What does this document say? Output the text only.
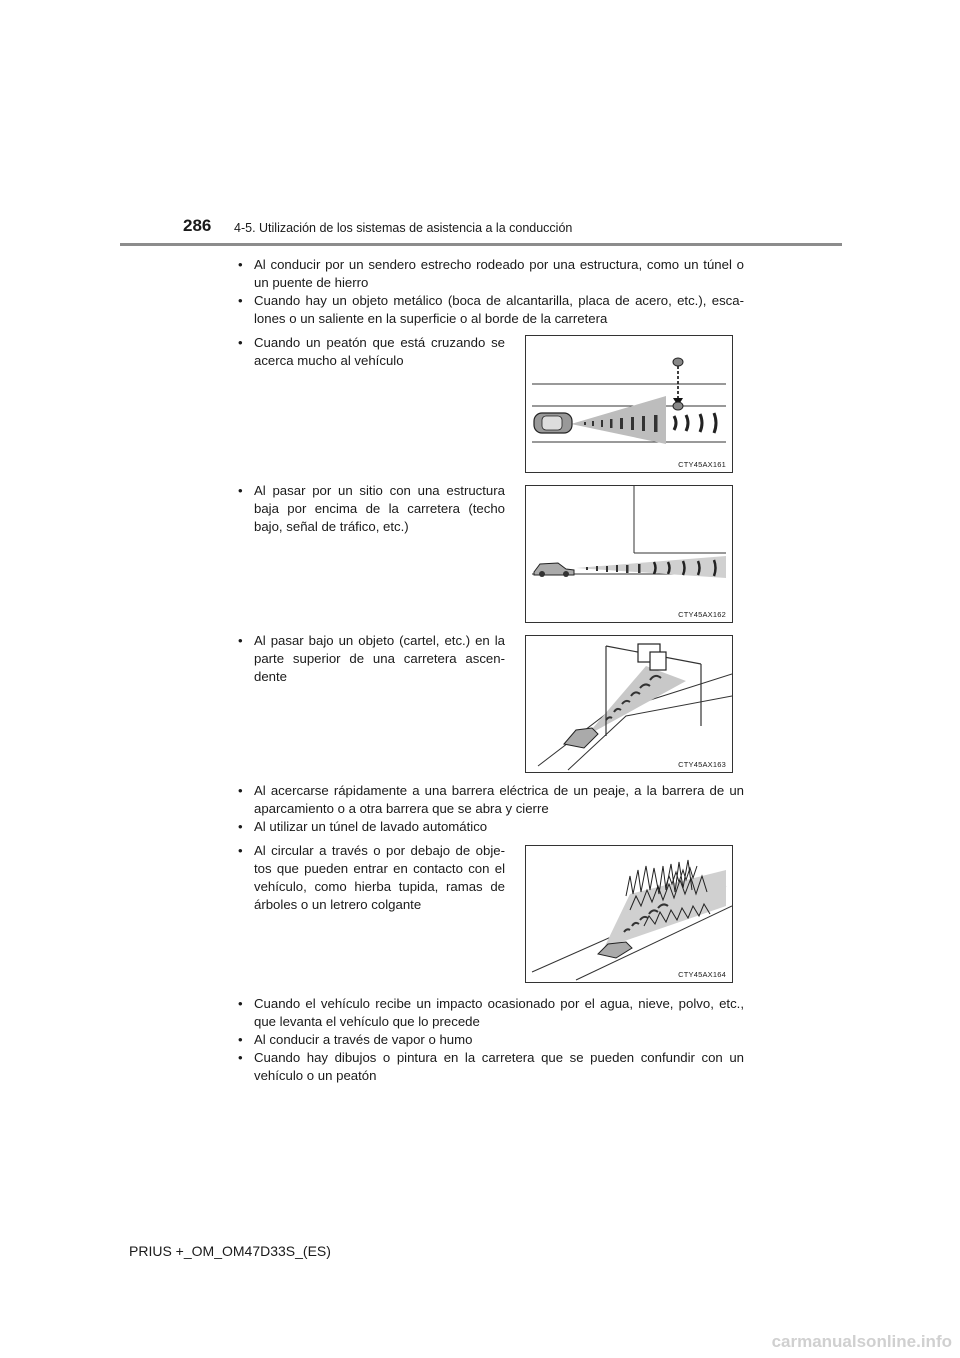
286 4-5. Utilización de los sistemas de asistencia a la conducción
• Al conducir por un sendero estrecho rodeado por una estructura, como un túnel o un puente de hierro
• Cuando hay un objeto metálico (boca de alcantarilla, placa de acero, etc.), esca-lones o un saliente en la superficie o al borde de la carretera
• Cuando un peatón que está cruzando se acerca mucho al vehículo
CTY45AX161
• Al pasar por un sitio con una estructura baja por encima de la carretera (techo bajo, señal de tráfico, etc.)
CTY45AX162
• Al pasar bajo un objeto (cartel, etc.) en la parte superior de una carretera ascen-dente
CTY45AX163
• Al acercarse rápidamente a una barrera eléctrica de un peaje, a la barrera de un aparcamiento o a otra barrera que se abra y cierre
• Al utilizar un túnel de lavado automático
• Al circular a través o por debajo de obje-tos que pueden entrar en contacto con el vehículo, como hierba tupida, ramas de árboles o un letrero colgante
CTY45AX164
• Cuando el vehículo recibe un impacto ocasionado por el agua, nieve, polvo, etc., que levanta el vehículo que lo precede
• Al conducir a través de vapor o humo
• Cuando hay dibujos o pintura en la carretera que se pueden confundir con un vehículo o un peatón
PRIUS +_OM_OM47D33S_(ES)
carmanualsonline.info
